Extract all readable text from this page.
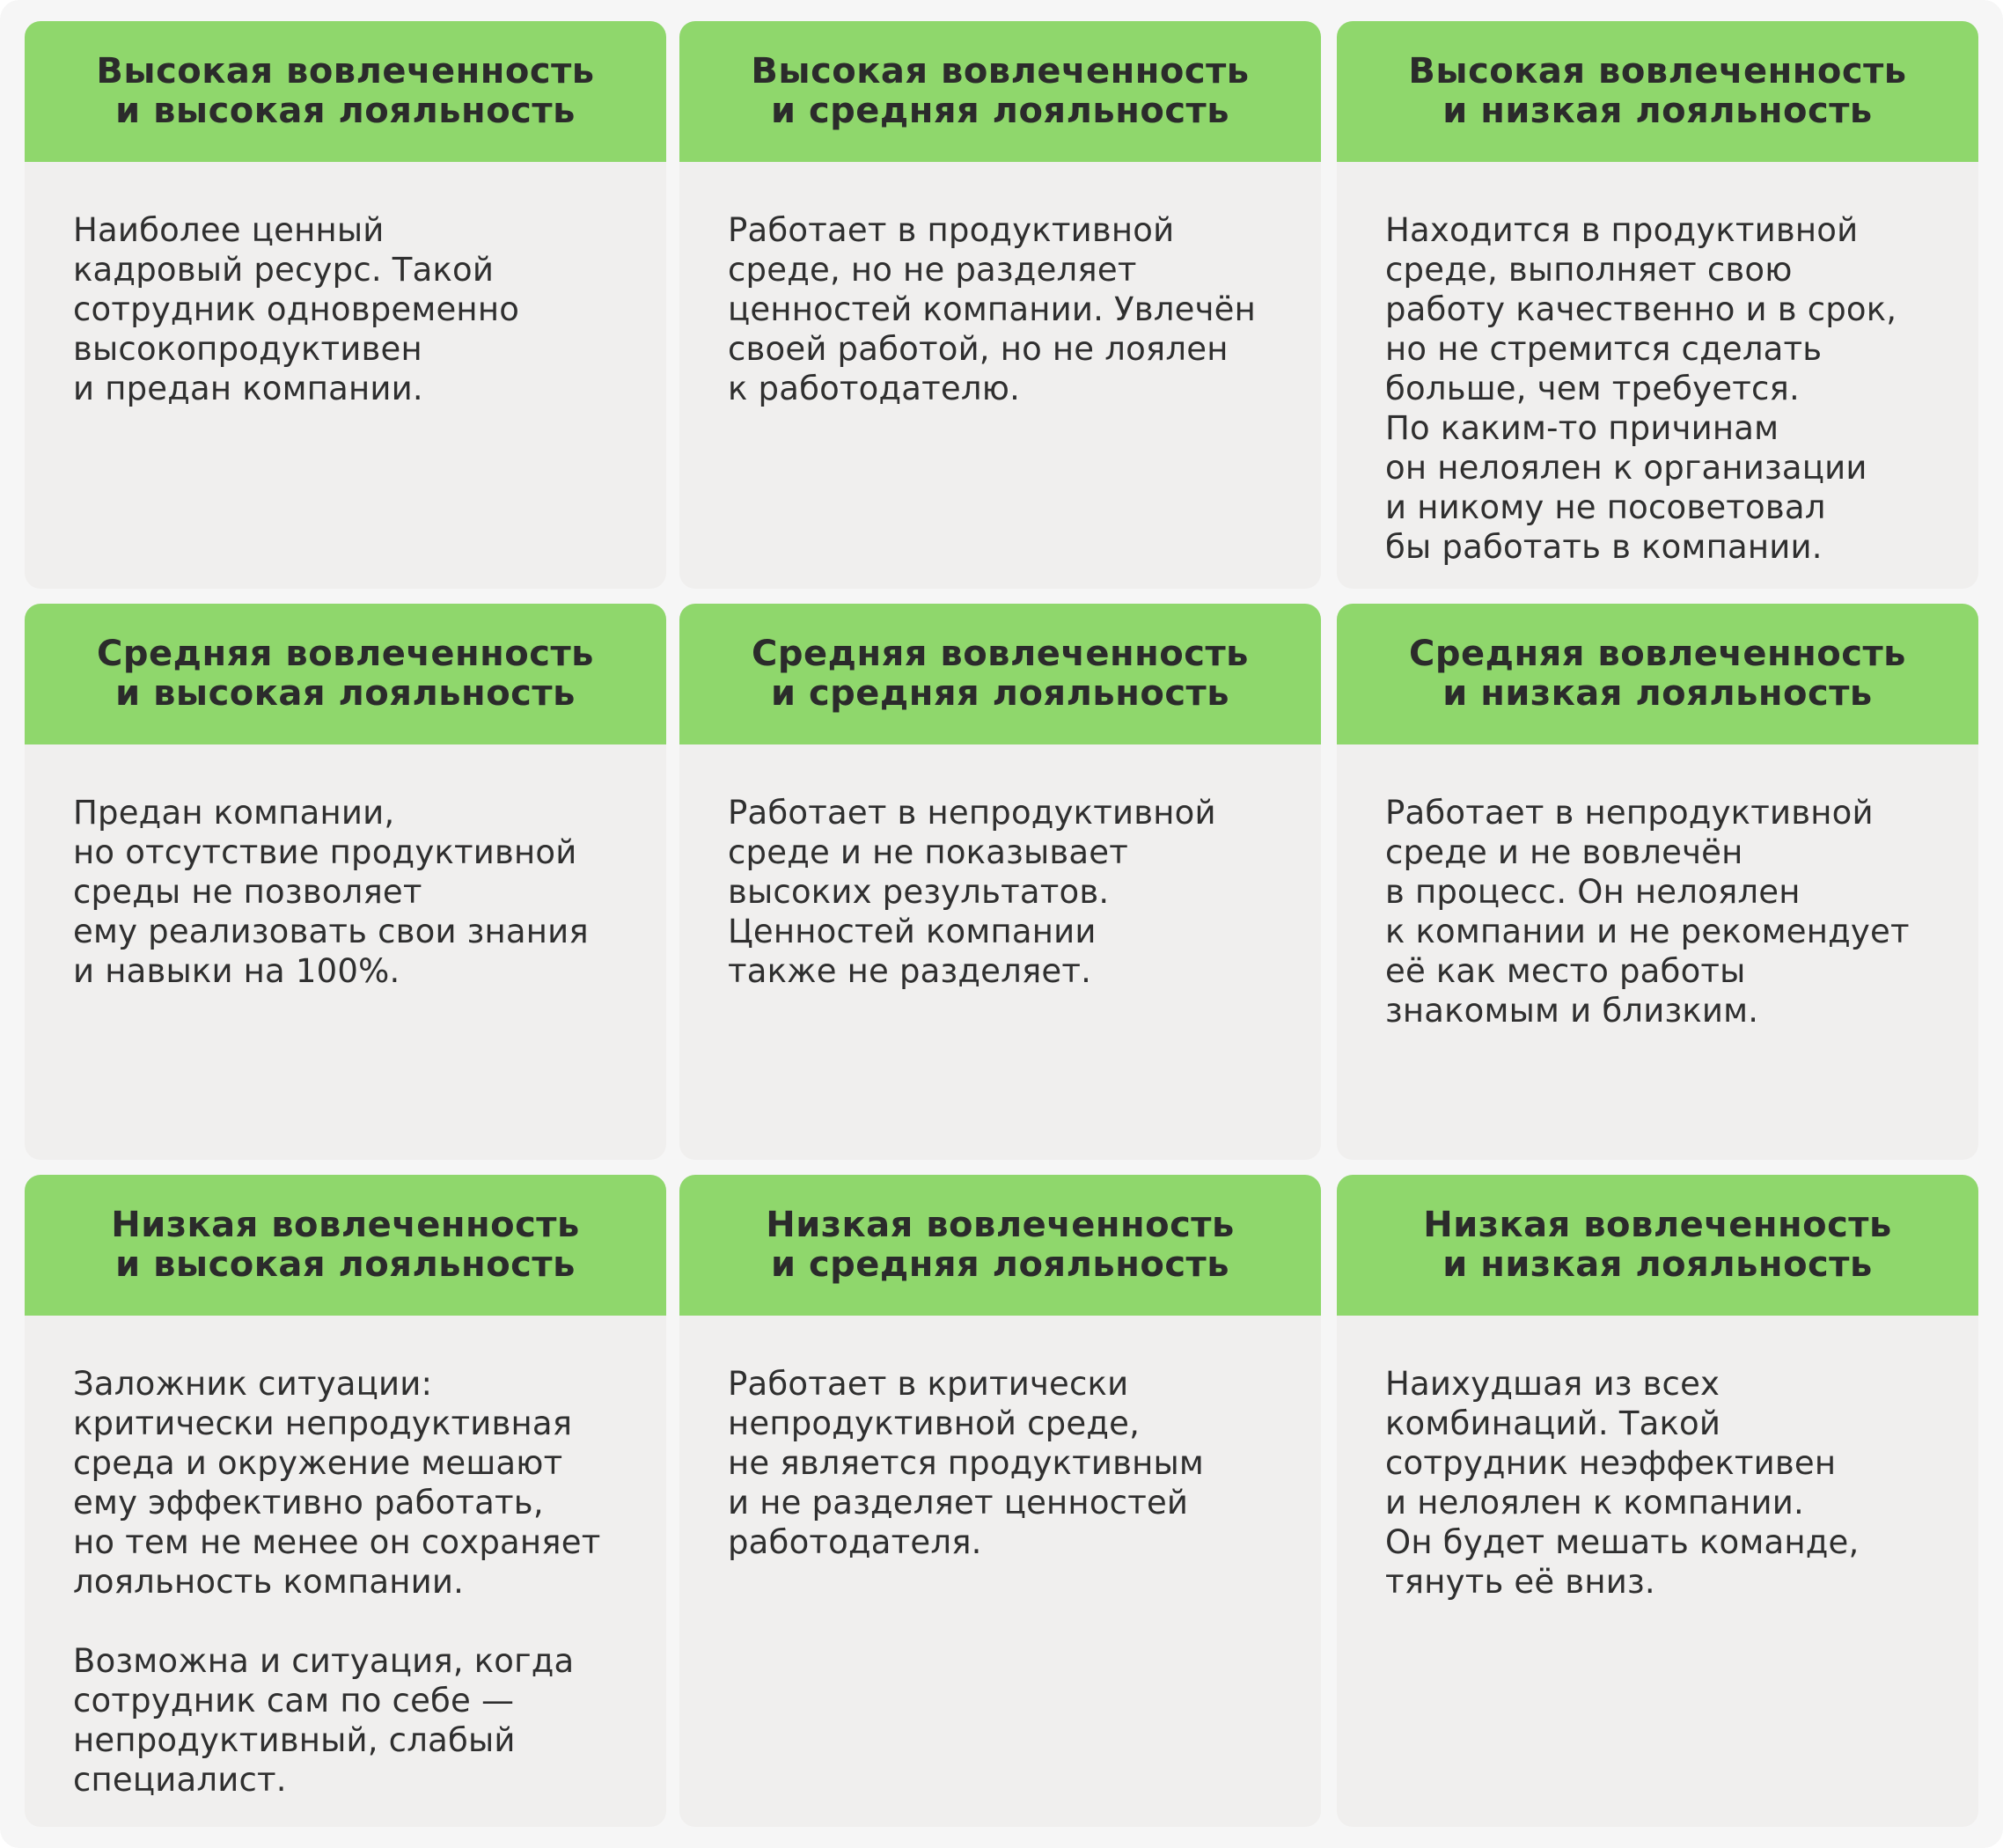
Высокая вовлеченность
и высокая лояльность
Наиболее ценный
кадровый ресурс. Такой
сотрудник одновременно
высокопродуктивен
и предан компании.
Высокая вовлеченность
и средняя лояльность
Работает в продуктивной
среде, но не разделяет
ценностей компании. Увлечён
своей работой, но не лоялен
к работодателю.
Высокая вовлеченность
и низкая лояльность
Находится в продуктивной
среде, выполняет свою
работу качественно и в срок,
но не стремится сделать
больше, чем требуется.
По каким-то причинам
он нелоялен к организации
и никому не посоветовал
бы работать в компании.
Средняя вовлеченность
и высокая лояльность
Предан компании,
но отсутствие продуктивной
среды не позволяет
ему реализовать свои знания
и навыки на 100%.
Средняя вовлеченность
и средняя лояльность
Работает в непродуктивной
среде и не показывает
высоких результатов.
Ценностей компании
также не разделяет.
Средняя вовлеченность
и низкая лояльность
Работает в непродуктивной
среде и не вовлечён
в процесс. Он нелоялен
к компании и не рекомендует
её как место работы
знакомым и близким.
Низкая вовлеченность
и высокая лояльность
Заложник ситуации:
критически непродуктивная
среда и окружение мешают
ему эффективно работать,
но тем не менее он сохраняет
лояльность компании.

Возможна и ситуация, когда
сотрудник сам по себе —
непродуктивный, слабый
специалист.
Низкая вовлеченность
и средняя лояльность
Работает в критически
непродуктивной среде,
не является продуктивным
и не разделяет ценностей
работодателя.
Низкая вовлеченность
и низкая лояльность
Наихудшая из всех
комбинаций. Такой
сотрудник неэффективен
и нелоялен к компании.
Он будет мешать команде,
тянуть её вниз.
